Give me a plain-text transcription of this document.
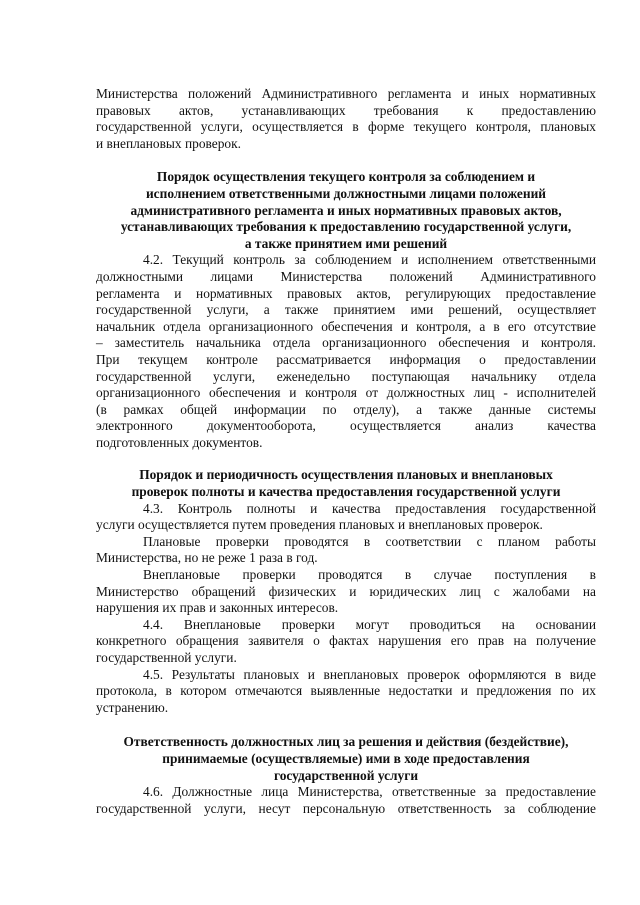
Министерства положений Административного регламента и иных нормативных
правовых актов, устанавливающих требования к предоставлению
государственной услуги, осуществляется в форме текущего контроля, плановых
и внеплановых проверок.

Порядок осуществления текущего контроля за соблюдением и
исполнением ответственными должностными лицами положений
административного регламента и иных нормативных правовых актов,
устанавливающих требования к предоставлению государственной услуги,
а также принятием ими решений

4.2. Текущий контроль за соблюдением и исполнением ответственными
должностными лицами Министерства положений Административного
регламента и нормативных правовых актов, регулирующих предоставление
государственной услуги, а также принятием ими решений, осуществляет
начальник отдела организационного обеспечения и контроля, а в его отсутствие
– заместитель начальника отдела организационного обеспечения и контроля.
При текущем контроле рассматривается информация о предоставлении
государственной услуги, еженедельно поступающая начальнику отдела
организационного обеспечения и контроля от должностных лиц - исполнителей
(в рамках общей информации по отделу), а также данные системы
электронного документооборота, осуществляется анализ качества
подготовленных документов.

Порядок и периодичность осуществления плановых и внеплановых
проверок полноты и качества предоставления государственной услуги

4.3. Контроль полноты и качества предоставления государственной
услуги осуществляется путем проведения плановых и внеплановых проверок.

Плановые проверки проводятся в соответствии с планом работы
Министерства, но не реже 1 раза в год.

Внеплановые проверки проводятся в случае поступления в
Министерство обращений физических и юридических лиц с жалобами на
нарушения их прав и законных интересов.

4.4. Внеплановые проверки могут проводиться на основании
конкретного обращения заявителя о фактах нарушения его прав на получение
государственной услуги.

4.5. Результаты плановых и внеплановых проверок оформляются в виде
протокола, в котором отмечаются выявленные недостатки и предложения по их
устранению.

Ответственность должностных лиц за решения и действия (бездействие),
принимаемые (осуществляемые) ими в ходе предоставления
государственной услуги

4.6. Должностные лица Министерства, ответственные за предоставление
государственной услуги, несут персональную ответственность за соблюдение
